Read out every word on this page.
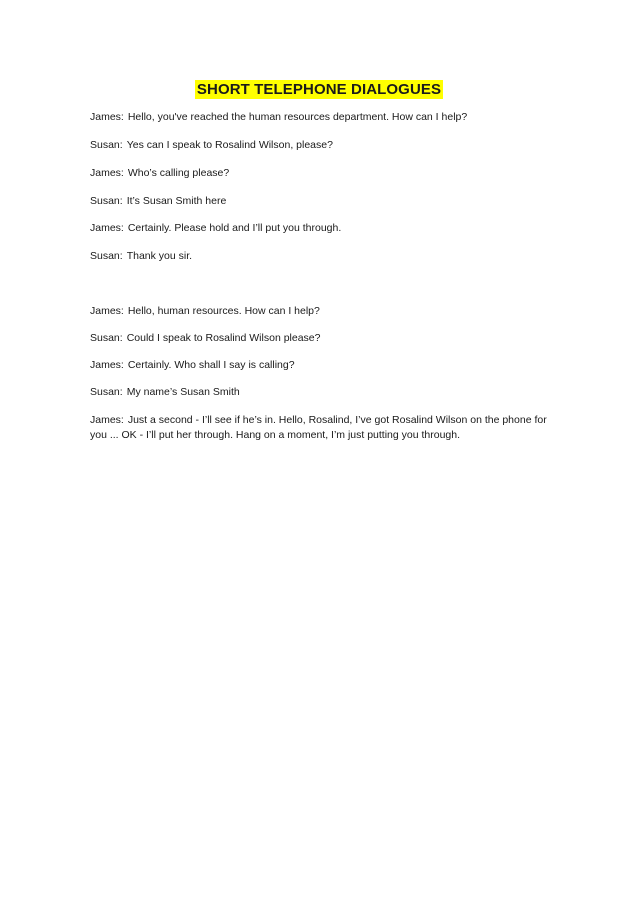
SHORT TELEPHONE DIALOGUES

James: Hello, you've reached the human resources department. How can I help?

Susan: Yes can I speak to Rosalind Wilson, please?

James: Who’s calling please?

Susan: It’s Susan Smith here

James: Certainly. Please hold and I’ll put you through.

Susan: Thank you sir.

James: Hello, human resources. How can I help?

Susan: Could I speak to Rosalind Wilson please?

James: Certainly. Who shall I say is calling?

Susan: My name’s Susan Smith

James: Just a second - I’ll see if he’s in. Hello, Rosalind, I’ve got Rosalind Wilson on the phone for you ... OK - I’ll put her through. Hang on a moment, I’m just putting you through.
